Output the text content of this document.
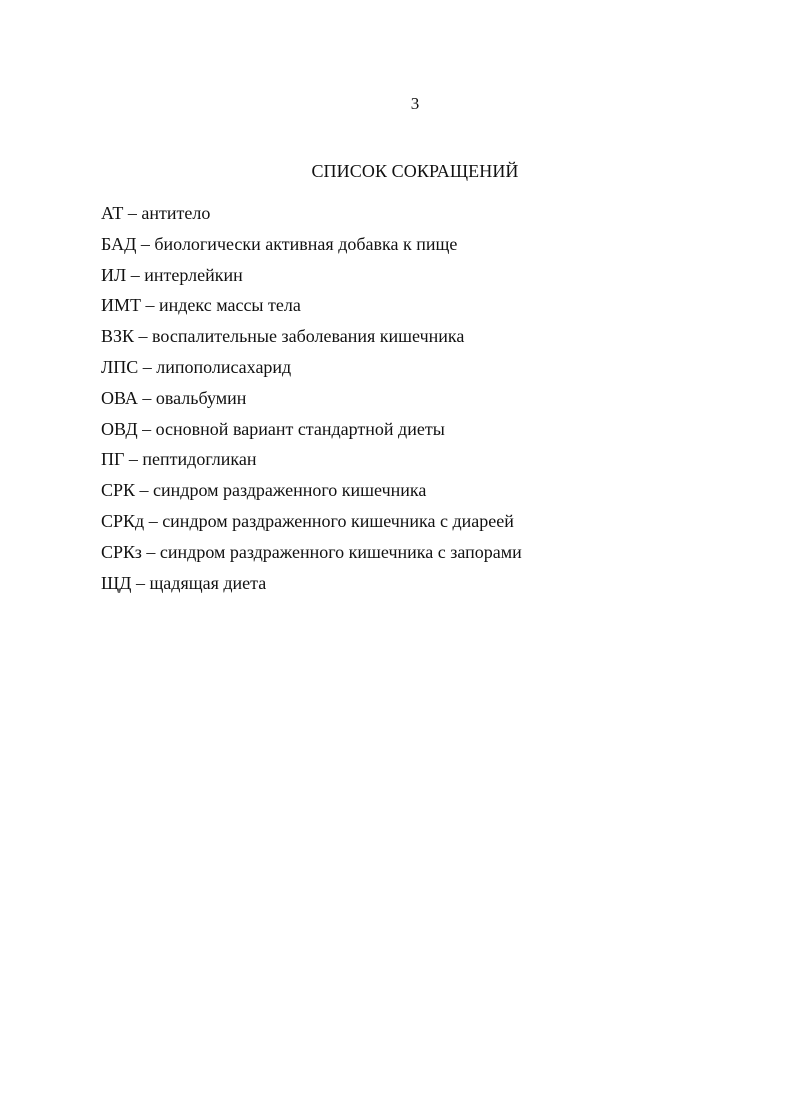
3
СПИСОК СОКРАЩЕНИЙ
АТ – антитело
БАД – биологически активная добавка к пище
ИЛ – интерлейкин
ИМТ – индекс массы тела
ВЗК – воспалительные заболевания кишечника
ЛПС – липополисахарид
ОВА – овальбумин
ОВД – основной вариант стандартной диеты
ПГ – пептидогликан
СРК – синдром раздраженного кишечника
СРКд – синдром раздраженного кишечника с диареей
СРКз – синдром раздраженного кишечника с запорами
ЩД – щадящая диета
